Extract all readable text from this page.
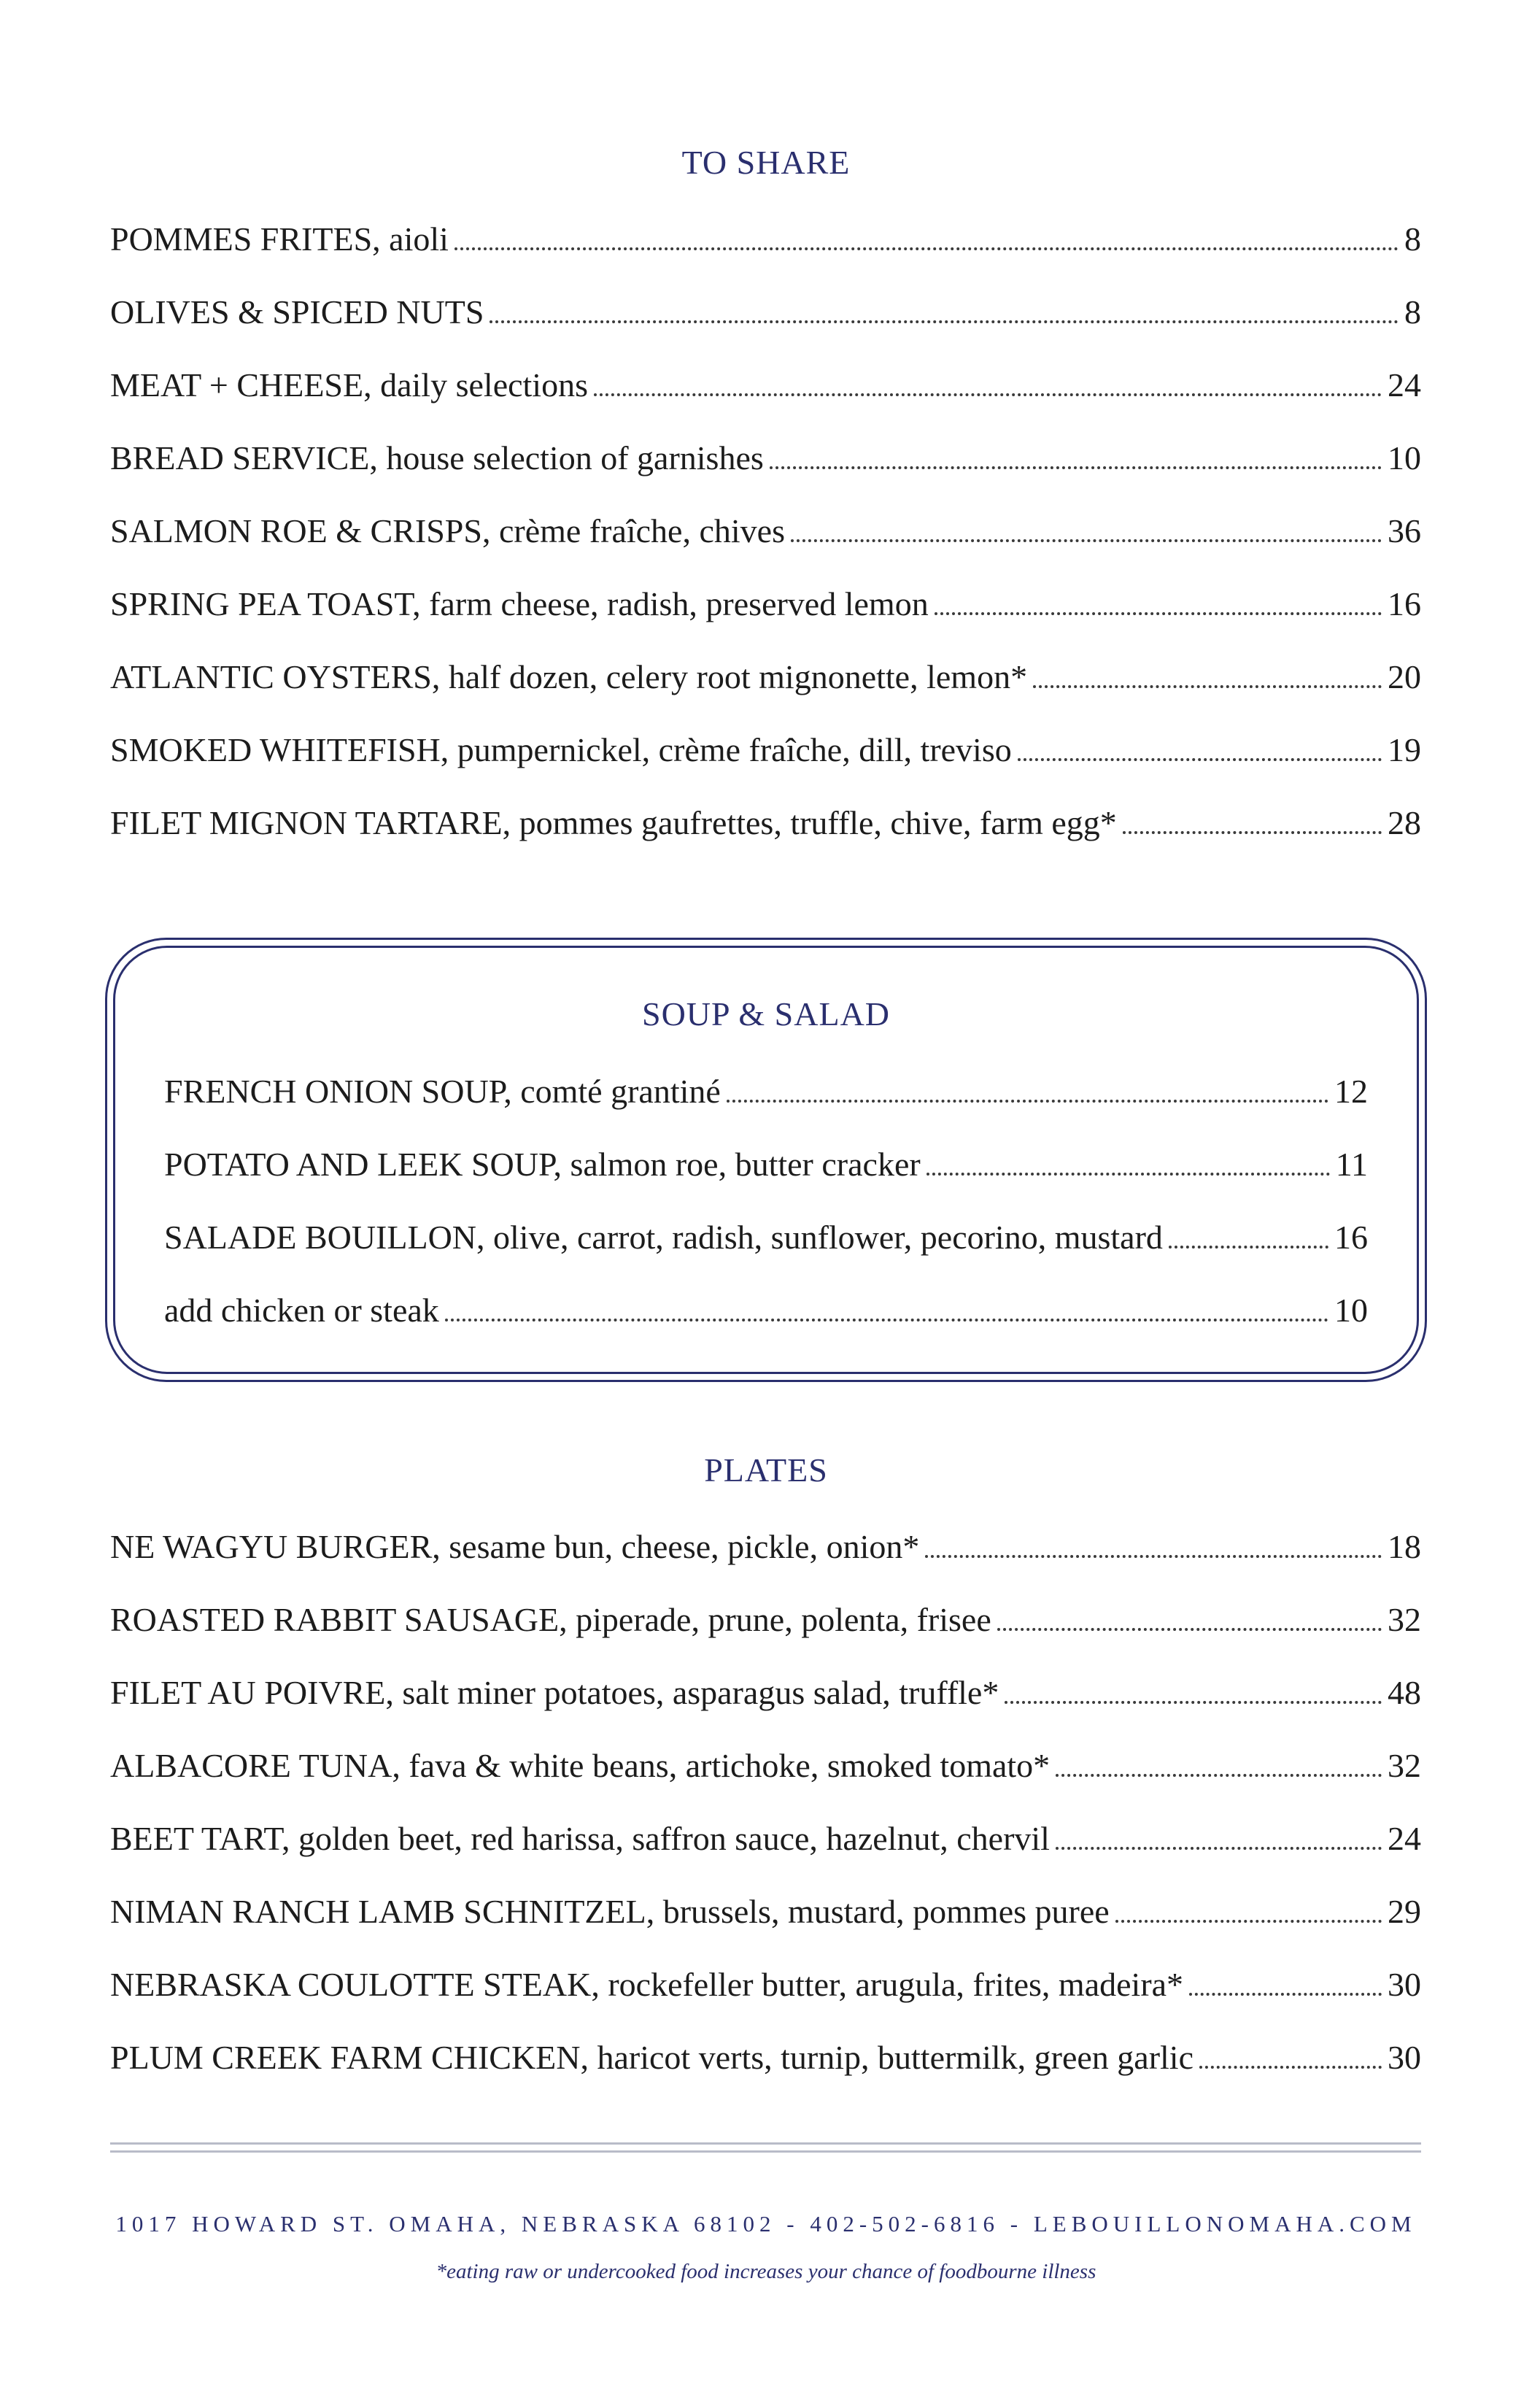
TO SHARE
POMMES FRITES, aioli	8
OLIVES & SPICED NUTS	8
MEAT + CHEESE, daily selections	24
BREAD SERVICE, house selection of garnishes	10
SALMON ROE & CRISPS, crème fraîche, chives	36
SPRING PEA TOAST, farm cheese, radish, preserved lemon	16
ATLANTIC OYSTERS, half dozen, celery root mignonette, lemon*	20
SMOKED WHITEFISH, pumpernickel, crème fraîche, dill, treviso	19
FILET MIGNON TARTARE, pommes gaufrettes, truffle, chive, farm egg*	28
SOUP & SALAD
FRENCH ONION SOUP, comté grantiné	12
POTATO AND LEEK SOUP, salmon roe, butter cracker	11
SALADE BOUILLON, olive, carrot, radish, sunflower, pecorino, mustard	16
add chicken or steak	10
PLATES
NE WAGYU BURGER, sesame bun, cheese, pickle, onion*	18
ROASTED RABBIT SAUSAGE, piperade, prune, polenta, frisee	32
FILET AU POIVRE, salt miner potatoes, asparagus salad, truffle*	48
ALBACORE TUNA, fava & white beans, artichoke, smoked tomato*	32
BEET TART, golden beet, red harissa, saffron sauce, hazelnut, chervil	24
NIMAN RANCH LAMB SCHNITZEL, brussels, mustard, pommes puree	29
NEBRASKA COULOTTE STEAK, rockefeller butter, arugula, frites, madeira*	30
PLUM CREEK FARM CHICKEN, haricot verts, turnip, buttermilk, green garlic	30
1017 HOWARD ST. OMAHA, NEBRASKA 68102 - 402-502-6816 - LEBOUILLONOMAHA.COM
*eating raw or undercooked food increases your chance of foodbourne illness
